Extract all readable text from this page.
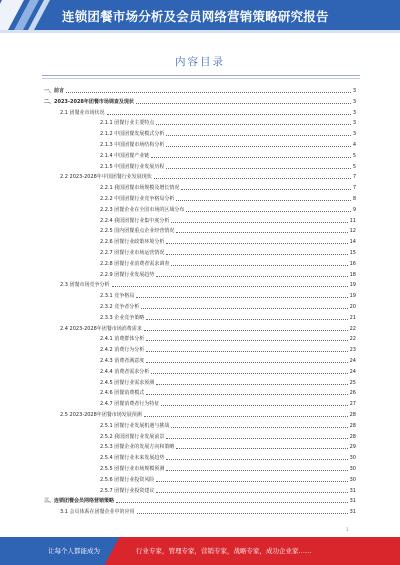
连锁团餐市场分析及会员网络营销策略研究报告
内容目录
一、前言	3
二、2023-2028年团餐市场调查及现状	3
2.1 团餐业市场状况	3
2.1.1 团餐行业主要特点	3
2.1.2 中国团餐发展模式分析	3
2.1.3 中国团餐市场结构分析	4
2.1.4 中国团餐产业链	5
2.1.5 中国团餐行业发展历程	5
2.2 2023-2028年中国团餐行业发展现状	7
2.2.1 我国团餐市场规模及增长情况	7
2.2.2 中国团餐行业竞争格局分析	8
2.2.3 团餐企业在全国市场的区域分布	9
2.2.4 我国团餐行业集中度分析	11
2.2.5 国内团餐重点企业经营情况	12
2.2.6 团餐行业政策环境分析	14
2.2.7 团餐行业市场运营情况	15
2.2.8 团餐行业消费者需求调查	16
2.2.9 团餐行业发展趋势	18
2.3 团餐市场竞争分析	19
2.3.1 竞争格局	19
2.3.2 竞争者分析	20
2.3.3 企业竞争策略	21
2.4 2023-2028年团餐市场消费需求	22
2.4.1 消费群体分析	22
2.4.2 消费行为分析	23
2.4.3 消费者满意度	24
2.4.4 消费者需求分析	24
2.4.5 团餐行业需求预测	25
2.4.6 团餐消费模式	26
2.4.7 团餐消费者行为特征	27
2.5 2023-2028年团餐市场发展预测	28
2.5.1 团餐行业发展机遇与挑战	28
2.5.2 我国团餐行业发展前景	28
2.5.3 团餐企业的发展方向和策略	29
2.5.4 团餐行业未来发展趋势	30
2.5.5 团餐行业市场规模预测	30
2.5.6 团餐行业投资风险	30
2.5.7 团餐行业投资建议	31
三、连锁团餐会员网络营销策略	31
3.1 会员体系在团餐企业中的应用	31
1
让每个人都能成为	行业专家，管理专家，营销专家，战略专家，成功企业家……
